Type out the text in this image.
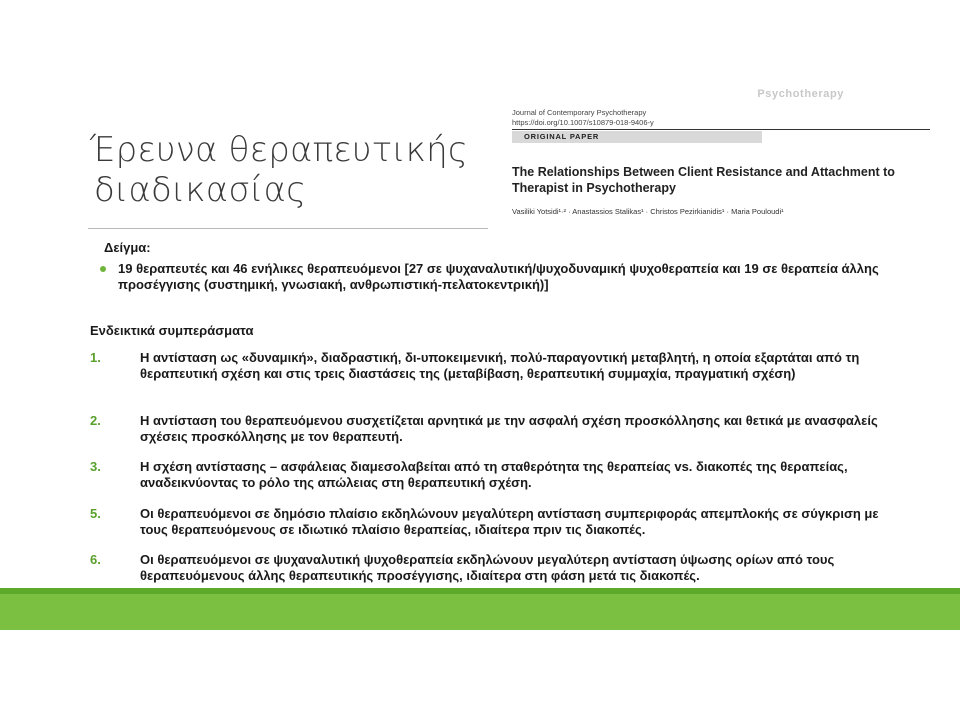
Έρευνα θεραπευτικής
διαδικασίας
Psychotherapy
Journal of Contemporary Psychotherapy
https://doi.org/10.1007/s10879-018-9406-y
ORIGINAL PAPER
The Relationships Between Client Resistance and Attachment to Therapist in Psychotherapy
Vasiliki Yotsidi¹·² · Anastassios Stalikas¹ · Christos Pezirkianidis¹ · Maria Pouloudi¹
Δείγμα:
19 θεραπευτές και 46 ενήλικες θεραπευόμενοι [27 σε ψυχαναλυτική/ψυχοδυναμική ψυχοθεραπεία και 19 σε θεραπεία άλλης προσέγγισης (συστημική, γνωσιακή, ανθρωπιστική-πελατοκεντρική)]
Ενδεικτικά συμπεράσματα
1.	Η αντίσταση ως «δυναμική», διαδραστική, δι-υποκειμενική, πολύ-παραγοντική μεταβλητή, η οποία εξαρτάται από τη θεραπευτική σχέση και στις τρεις διαστάσεις της (μεταβίβαση, θεραπευτική συμμαχία, πραγματική σχέση)
2.	Η αντίσταση του θεραπευόμενου συσχετίζεται αρνητικά με την ασφαλή σχέση προσκόλλησης και θετικά με ανασφαλείς σχέσεις προσκόλλησης με τον θεραπευτή.
3.	Η σχέση αντίστασης – ασφάλειας διαμεσολαβείται από τη σταθερότητα της θεραπείας vs. διακοπές της θεραπείας, αναδεικνύοντας το ρόλο της απώλειας στη θεραπευτική σχέση.
5.	Οι θεραπευόμενοι σε δημόσιο πλαίσιο εκδηλώνουν μεγαλύτερη αντίσταση συμπεριφοράς απεμπλοκής σε σύγκριση με τους θεραπευόμενους σε ιδιωτικό πλαίσιο θεραπείας, ιδιαίτερα πριν τις διακοπές.
6.	Οι θεραπευόμενοι σε ψυχαναλυτική ψυχοθεραπεία εκδηλώνουν μεγαλύτερη αντίσταση ύψωσης ορίων από τους θεραπευόμενους άλλης θεραπευτικής προσέγγισης, ιδιαίτερα στη φάση μετά τις διακοπές.
